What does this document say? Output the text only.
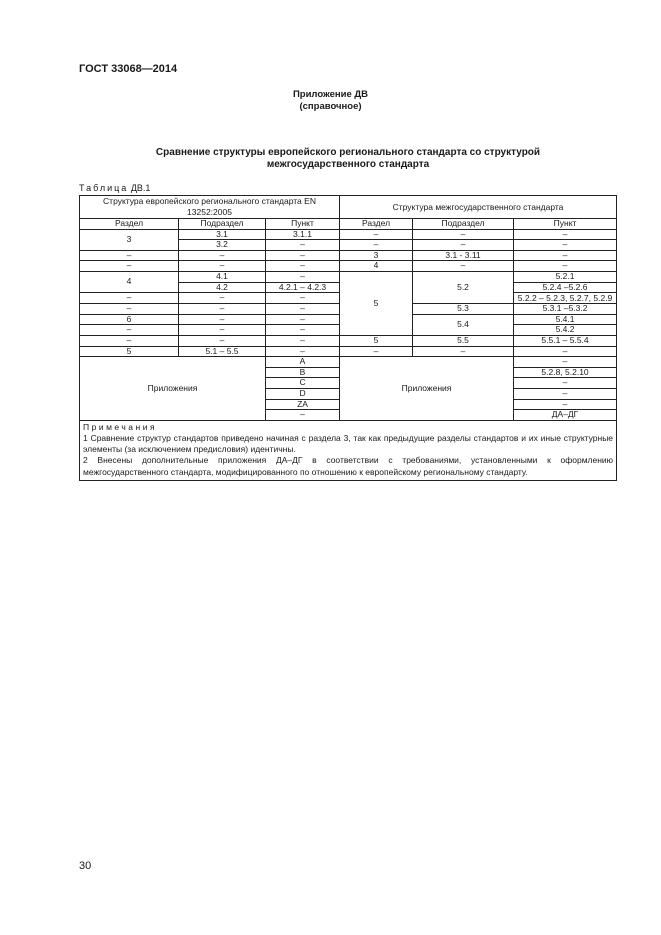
ГОСТ 33068—2014

Приложение ДВ

(справочное)

Сравнение структуры европейского регионального стандарта со структурой межгосударственного стандарта

Таблица ДВ.1

Структура европейского регионального стандарта EN 13252:2005			Структура межгосударственного стандарта		
Раздел	Подраздел	Пункт	Раздел	Подраздел	Пункт
3	3.1	3.1.1	–	–	–
	3.2	–	–	–	–
–	–	–	3	3.1 - 3.11	–
–	–	–	4	–	–
4	4.1	–	5	5.2	5.2.1
	4.2	4.2.1 – 4.2.3			5.2.4 –5.2.6
–	–	–			5.2.2 – 5.2.3, 5.2.7, 5.2.9
–	–	–		5.3	5.3.1 –5.3.2
6	–	–		5.4	5.4.1
–	–	–			5.4.2
–	–	–	5	5.5	5.5.1 – 5.5.4
5	5.1 – 5.5	–	–	–	–
Приложения		A	Приложения		–
		B			5.2.8, 5.2.10
		C			–
		D			–
		ZA			–
		–			ДА–ДГ

Примечания
1 Сравнение структур стандартов приведено начиная с раздела 3, так как предыдущие разделы стандартов и их иные структурные элементы (за исключением предисловия) идентичны.
2 Внесены дополнительные приложения ДА–ДГ в соответствии с требованиями, установленными к оформлению межгосударственного стандарта, модифицированного по отношению к европейскому региональному стандарту.					

30
